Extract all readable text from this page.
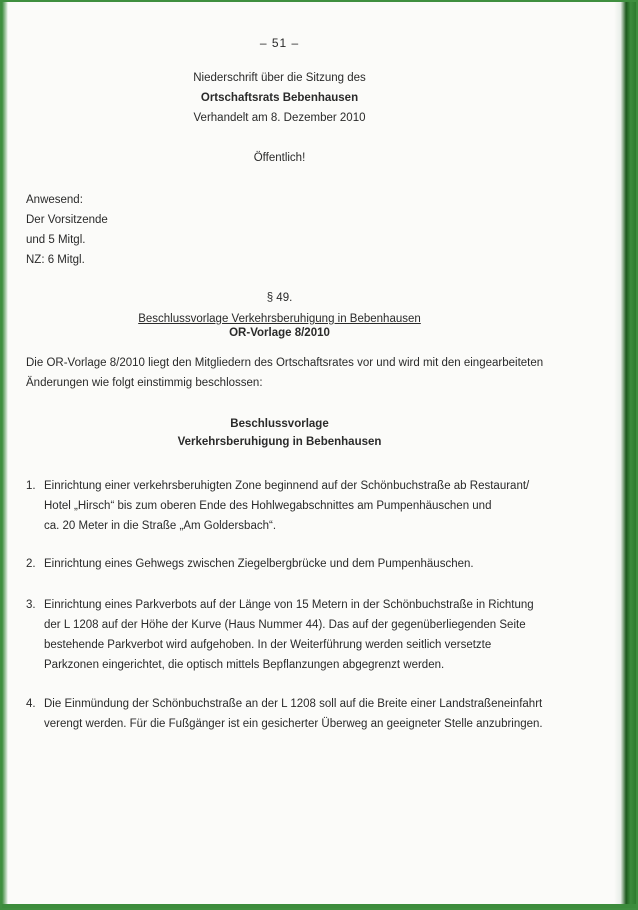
– 51 –
Niederschrift über die Sitzung des
Ortschaftsrats Bebenhausen
Verhandelt am 8. Dezember 2010
Öffentlich!
Anwesend:
Der Vorsitzende
und 5 Mitgl.
NZ: 6 Mitgl.
§ 49.
Beschlussvorlage Verkehrsberuhigung in Bebenhausen
OR-Vorlage 8/2010
Die OR-Vorlage 8/2010 liegt den Mitgliedern des Ortschaftsrates vor und wird mit den eingearbeiteten
Änderungen wie folgt einstimmig beschlossen:
Beschlussvorlage
Verkehrsberuhigung in Bebenhausen
1. Einrichtung einer verkehrsberuhigten Zone beginnend auf der Schönbuchstraße ab Restaurant/
Hotel „Hirsch“ bis zum oberen Ende des Hohlwegabschnittes am Pumpenhäuschen und
ca. 20 Meter in die Straße „Am Goldersbach“.
2. Einrichtung eines Gehwegs zwischen Ziegelbergbrücke und dem Pumpenhäuschen.
3. Einrichtung eines Parkverbots auf der Länge von 15 Metern in der Schönbuchstraße in Richtung
der L 1208 auf der Höhe der Kurve (Haus Nummer 44). Das auf der gegenüberliegenden Seite
bestehende Parkverbot wird aufgehoben. In der Weiterführung werden seitlich versetzte
Parkzonen eingerichtet, die optisch mittels Bepflanzungen abgegrenzt werden.
4. Die Einmündung der Schönbuchstraße an der L 1208 soll auf die Breite einer Landstraßeneinfahrt
verengt werden. Für die Fußgänger ist ein gesicherter Überweg an geeigneter Stelle anzubringen.
